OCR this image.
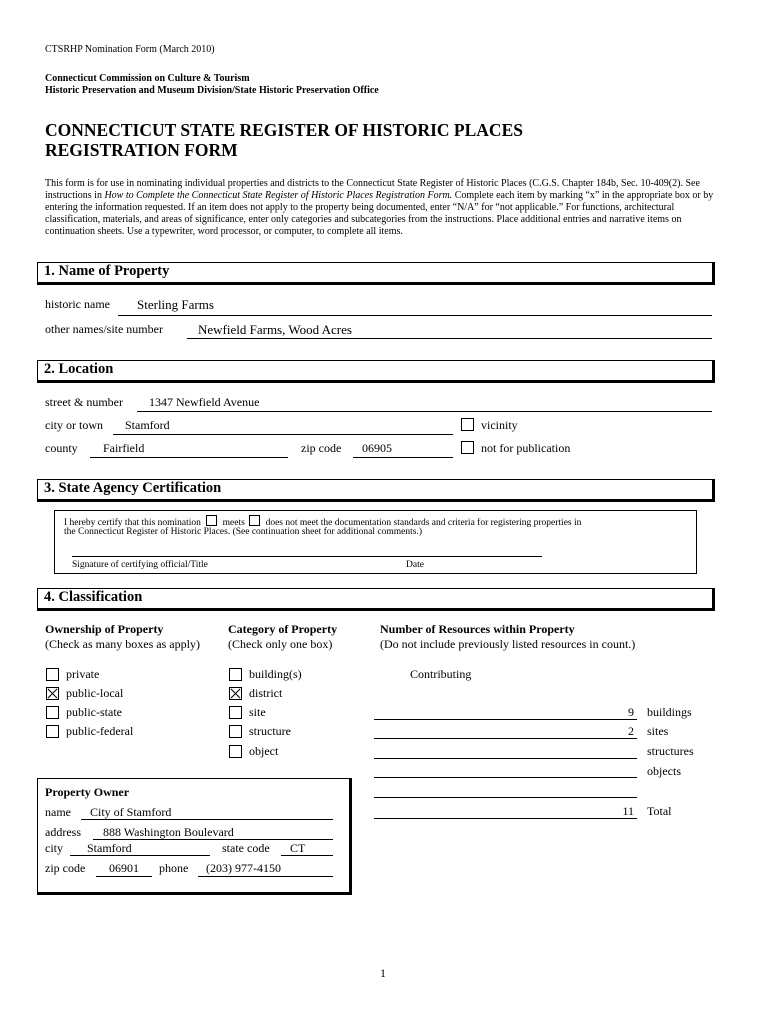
CTSRHP Nomination Form (March 2010)
Connecticut Commission on Culture & Tourism
Historic Preservation and Museum Division/State Historic Preservation Office
CONNECTICUT STATE REGISTER OF HISTORIC PLACES
REGISTRATION FORM
This form is for use in nominating individual properties and districts to the Connecticut State Register of Historic Places (C.G.S. Chapter 184b, Sec. 10-409(2). See
instructions in How to Complete the Connecticut State Register of Historic Places Registration Form. Complete each item by marking “x” in the appropriate box or by
entering the information requested. If an item does not apply to the property being documented, enter “N/A” for “not applicable.” For functions, architectural
classification, materials, and areas of significance, enter only categories and subcategories from the instructions. Place additional entries and narrative items on
continuation sheets. Use a typewriter, word processor, or computer, to complete all items.
1. Name of Property
historic name Sterling Farms
other names/site number	Newfield Farms, Wood Acres
2. Location
street & number 1347 Newfield Avenue
city or town Stamford	vicinity
county Fairfield	zip code 06905	not for publication
3. State Agency Certification
I hereby certify that this nomination meets does not meet the documentation standards and criteria for registering properties in
the Connecticut Register of Historic Places. (See continuation sheet for additional comments.)
Signature of certifying official/Title	Date
4. Classification
Ownership of Property
(Check as many boxes as apply)
Category of Property
(Check only one box)
Number of Resources within Property
(Do not include previously listed resources in count.)
private
public-local
public-state
public-federal
building(s)
district
site
structure
object
Contributing
9 buildings
2 sites
structures
objects
11 Total
Property Owner
name City of Stamford
address 888 Washington Boulevard
city Stamford	state code CT
zip code 06901 phone (203) 977-4150
1
